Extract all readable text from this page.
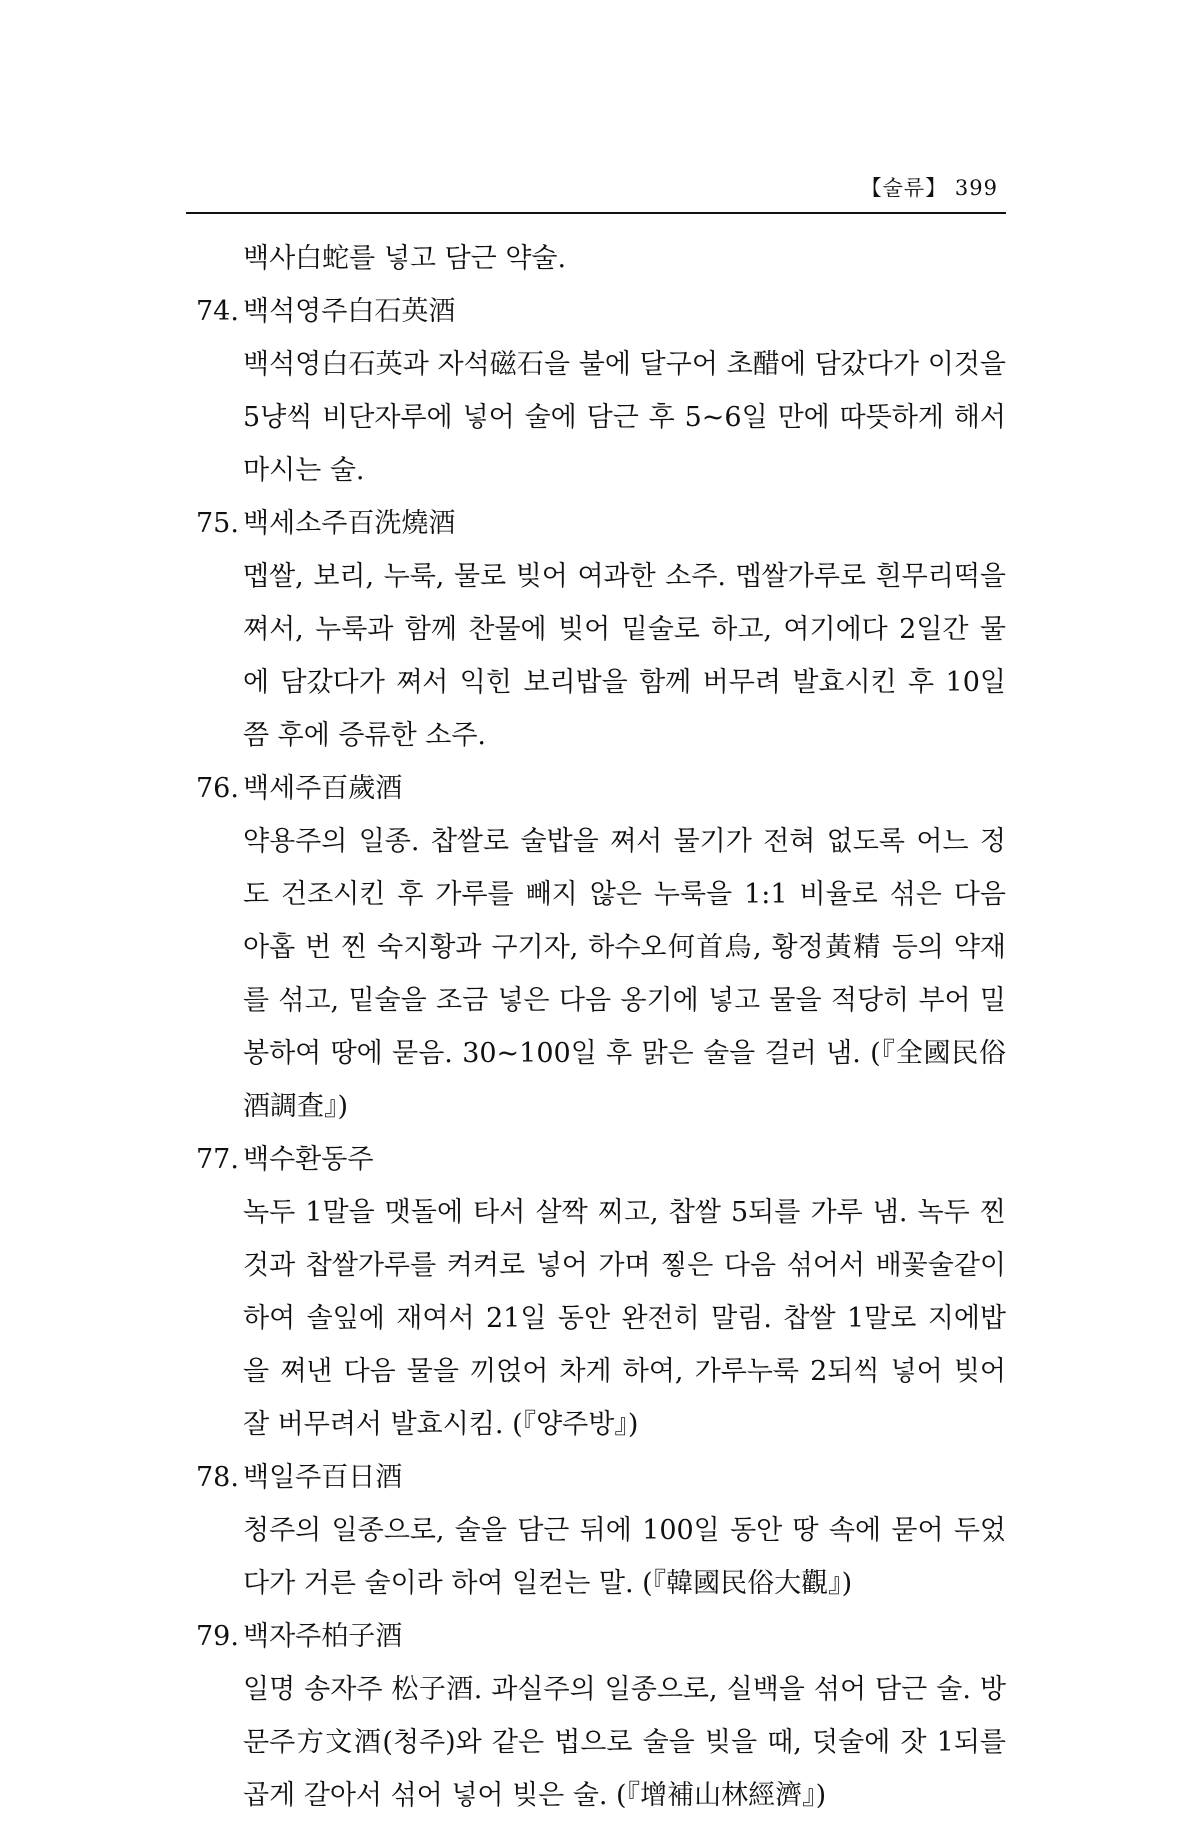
【술류】 399

백사白蛇를 넣고 담근 약술.

74. 백석영주白石英酒

백석영白石英과 자석磁石을 불에 달구어 초醋에 담갔다가 이것을 5냥씩 비단자루에 넣어 술에 담근 후 5~6일 만에 따뜻하게 해서 마시는 술.

75. 백세소주百洗燒酒

멥쌀, 보리, 누룩, 물로 빚어 여과한 소주. 멥쌀가루로 흰무리떡을 쪄서, 누룩과 함께 찬물에 빚어 밑술로 하고, 여기에다 2일간 물에 담갔다가 쪄서 익힌 보리밥을 함께 버무려 발효시킨 후 10일쯤 후에 증류한 소주.

76. 백세주百歲酒

약용주의 일종. 찹쌀로 술밥을 쪄서 물기가 전혀 없도록 어느 정도 건조시킨 후 가루를 빼지 않은 누룩을 1:1 비율로 섞은 다음 아홉 번 찐 숙지황과 구기자, 하수오何首烏, 황정黃精 등의 약재를 섞고, 밑술을 조금 넣은 다음 옹기에 넣고 물을 적당히 부어 밀봉하여 땅에 묻음. 30~100일 후 맑은 술을 걸러 냄. (『全國民俗酒調査』)

77. 백수환동주

녹두 1말을 맷돌에 타서 살짝 찌고, 찹쌀 5되를 가루 냄. 녹두 찐 것과 찹쌀가루를 켜켜로 넣어 가며 찧은 다음 섞어서 배꽃술같이 하여 솔잎에 재여서 21일 동안 완전히 말림. 찹쌀 1말로 지에밥을 쪄낸 다음 물을 끼얹어 차게 하여, 가루누룩 2되씩 넣어 빚어 잘 버무려서 발효시킴. (『양주방』)

78. 백일주百日酒

청주의 일종으로, 술을 담근 뒤에 100일 동안 땅 속에 묻어 두었다가 거른 술이라 하여 일컫는 말. (『韓國民俗大觀』)

79. 백자주柏子酒

일명 송자주 松子酒. 과실주의 일종으로, 실백을 섞어 담근 술. 방문주方文酒(청주)와 같은 법으로 술을 빚을 때, 덧술에 잣 1되를 곱게 갈아서 섞어 넣어 빚은 술. (『增補山林經濟』)
